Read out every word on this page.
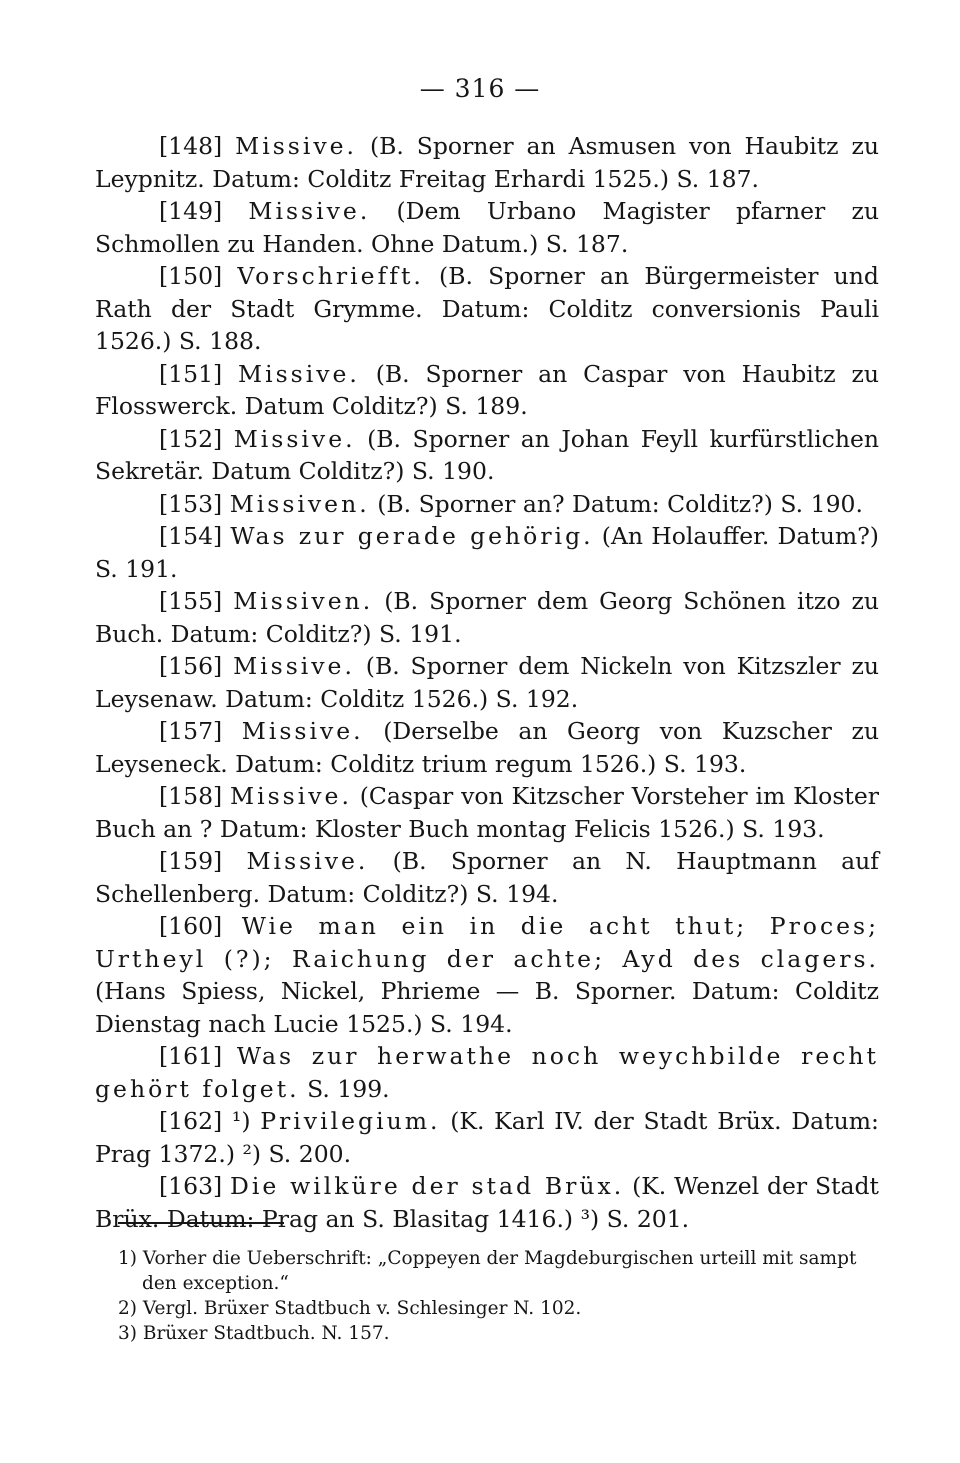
— 316 —

[148] Missive. (B. Sporner an Asmusen von Haubitz zu Leypnitz. Datum: Colditz Freitag Erhardi 1525.) S. 187.

[149] Missive. (Dem Urbano Magister pfarner zu Schmollen zu Handen. Ohne Datum.) S. 187.

[150] Vorschriefft. (B. Sporner an Bürgermeister und Rath der Stadt Grymme. Datum: Colditz conversionis Pauli 1526.) S. 188.

[151] Missive. (B. Sporner an Caspar von Haubitz zu Flosswerck. Datum Colditz?) S. 189.

[152] Missive. (B. Sporner an Johan Feyll kurfürstlichen Sekretär. Datum Colditz?) S. 190.

[153] Missiven. (B. Sporner an? Datum: Colditz?) S. 190.

[154] Was zur gerade gehörig. (An Holauffer. Datum?) S. 191.

[155] Missiven. (B. Sporner dem Georg Schönen itzo zu Buch. Datum: Colditz?) S. 191.

[156] Missive. (B. Sporner dem Nickeln von Kitzszler zu Leysenaw. Datum: Colditz 1526.) S. 192.

[157] Missive. (Derselbe an Georg von Kuzscher zu Leyseneck. Datum: Colditz trium regum 1526.) S. 193.

[158] Missive. (Caspar von Kitzscher Vorsteher im Kloster Buch an ? Datum: Kloster Buch montag Felicis 1526.) S. 193.

[159] Missive. (B. Sporner an N. Hauptmann auf Schellenberg. Datum: Colditz?) S. 194.

[160] Wie man ein in die acht thut; Proces; Urtheyl (?); Raichung der achte; Ayd des clagers. (Hans Spiess, Nickel, Phrieme — B. Sporner. Datum: Colditz Dienstag nach Lucie 1525.) S. 194.

[161] Was zur herwathe noch weychbilde recht gehört folget. S. 199.

[162] ¹) Privilegium. (K. Karl IV. der Stadt Brüx. Datum: Prag 1372.) ²) S. 200.

[163] Die wilküre der stad Brüx. (K. Wenzel der Stadt Brüx. Datum: Prag an S. Blasitag 1416.) ³) S. 201.

1) Vorher die Ueberschrift: „Coppeyen der Magdeburgischen urteill mit sampt den exception.“

2) Vergl. Brüxer Stadtbuch v. Schlesinger N. 102.

3) Brüxer Stadtbuch. N. 157.
